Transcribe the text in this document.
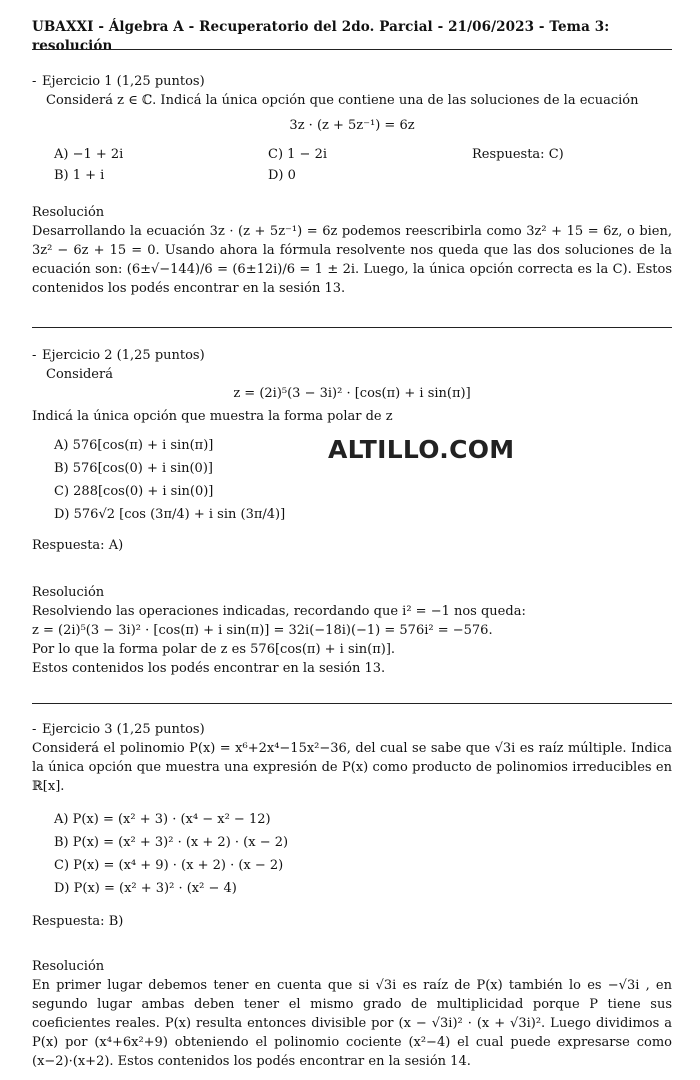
UBAXXI - Álgebra A - Recuperatorio del 2do. Parcial - 21/06/2023 - Tema 3: resolución
- Ejercicio 1 (1,25 puntos)
Considerá z ∈ ℂ. Indicá la única opción que contiene una de las soluciones de la ecuación
3z · (z + 5z⁻¹) = 6z
A) −1 + 2i	C) 1 − 2i	Respuesta: C)
B) 1 + i	D) 0
Resolución
Desarrollando la ecuación 3z · (z + 5z⁻¹) = 6z podemos reescribirla como 3z² + 15 = 6z, o bien, 3z² − 6z + 15 = 0. Usando ahora la fórmula resolvente nos queda que las dos soluciones de la ecuación son: (6±√−144)/6 = (6±12i)/6 = 1 ± 2i. Luego, la única opción correcta es la C). Estos contenidos los podés encontrar en la sesión 13.
- Ejercicio 2 (1,25 puntos)
Considerá
z = (2i)⁵(3 − 3i)² · [cos(π) + i sin(π)]
Indicá la única opción que muestra la forma polar de z
A) 576[cos(π) + i sin(π)]
B) 576[cos(0) + i sin(0)]
C) 288[cos(0) + i sin(0)]
D) 576√2 [cos (3π/4) + i sin (3π/4)]
Respuesta: A)
Resolución
Resolviendo las operaciones indicadas, recordando que i² = −1 nos queda:
z = (2i)⁵(3 − 3i)² · [cos(π) + i sin(π)] = 32i(−18i)(−1) = 576i² = −576.
Por lo que la forma polar de z es 576[cos(π) + i sin(π)].
Estos contenidos los podés encontrar en la sesión 13.
- Ejercicio 3 (1,25 puntos)
Considerá el polinomio P(x) = x⁶+2x⁴−15x²−36, del cual se sabe que √3i es raíz múltiple. Indica la única opción que muestra una expresión de P(x) como producto de polinomios irreducibles en ℝ[x].
A) P(x) = (x² + 3) · (x⁴ − x² − 12)
B) P(x) = (x² + 3)² · (x + 2) · (x − 2)
C) P(x) = (x⁴ + 9) · (x + 2) · (x − 2)
D) P(x) = (x² + 3)² · (x² − 4)
Respuesta: B)
Resolución
En primer lugar debemos tener en cuenta que si √3i es raíz de P(x) también lo es −√3i , en segundo lugar ambas deben tener el mismo grado de multiplicidad porque P tiene sus coeficientes reales. P(x) resulta entonces divisible por (x − √3i)² · (x + √3i)². Luego dividimos a P(x) por (x⁴+6x²+9) obteniendo el polinomio cociente (x²−4) el cual puede expresarse como (x−2)·(x+2). Estos contenidos los podés encontrar en la sesión 14.
ALTILLO.COM
